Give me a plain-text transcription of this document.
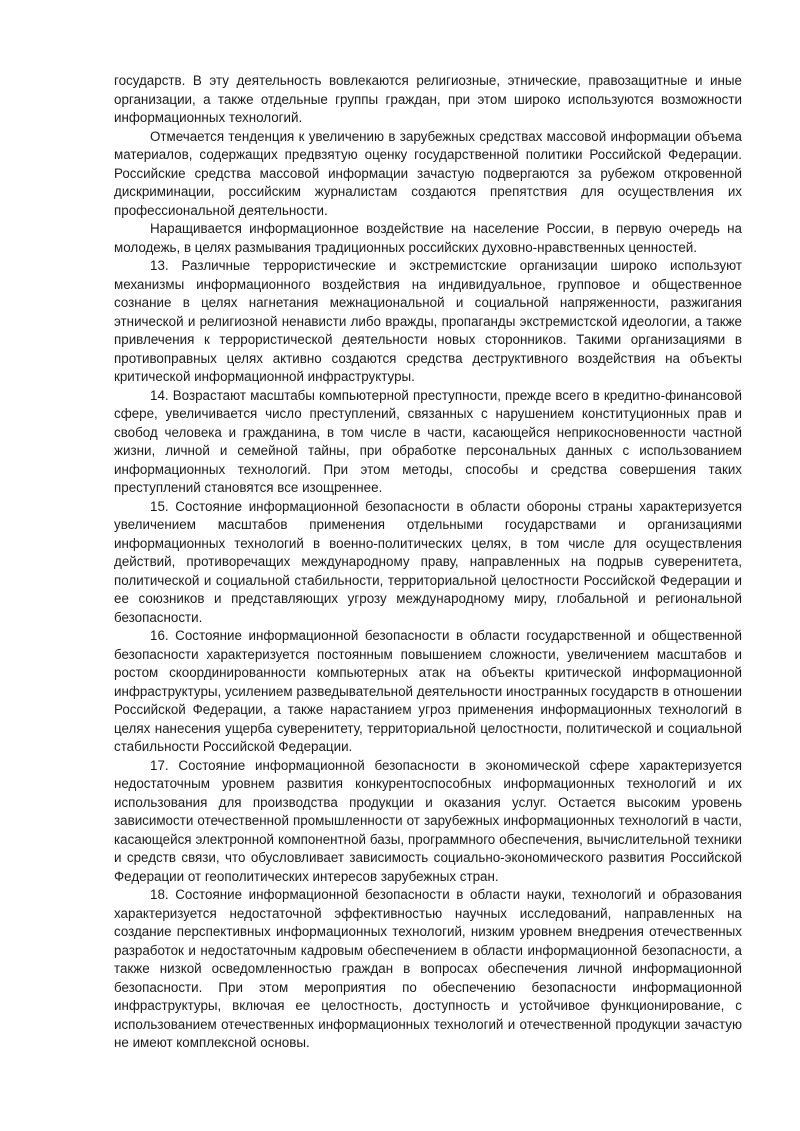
государств. В эту деятельность вовлекаются религиозные, этнические, правозащитные и иные организации, а также отдельные группы граждан, при этом широко используются возможности информационных технологий.

Отмечается тенденция к увеличению в зарубежных средствах массовой информации объема материалов, содержащих предвзятую оценку государственной политики Российской Федерации. Российские средства массовой информации зачастую подвергаются за рубежом откровенной дискриминации, российским журналистам создаются препятствия для осуществления их профессиональной деятельности.

Наращивается информационное воздействие на население России, в первую очередь на молодежь, в целях размывания традиционных российских духовно-нравственных ценностей.

13. Различные террористические и экстремистские организации широко используют механизмы информационного воздействия на индивидуальное, групповое и общественное сознание в целях нагнетания межнациональной и социальной напряженности, разжигания этнической и религиозной ненависти либо вражды, пропаганды экстремистской идеологии, а также привлечения к террористической деятельности новых сторонников. Такими организациями в противоправных целях активно создаются средства деструктивного воздействия на объекты критической информационной инфраструктуры.

14. Возрастают масштабы компьютерной преступности, прежде всего в кредитно-финансовой сфере, увеличивается число преступлений, связанных с нарушением конституционных прав и свобод человека и гражданина, в том числе в части, касающейся неприкосновенности частной жизни, личной и семейной тайны, при обработке персональных данных с использованием информационных технологий. При этом методы, способы и средства совершения таких преступлений становятся все изощреннее.

15. Состояние информационной безопасности в области обороны страны характеризуется увеличением масштабов применения отдельными государствами и организациями информационных технологий в военно-политических целях, в том числе для осуществления действий, противоречащих международному праву, направленных на подрыв суверенитета, политической и социальной стабильности, территориальной целостности Российской Федерации и ее союзников и представляющих угрозу международному миру, глобальной и региональной безопасности.

16. Состояние информационной безопасности в области государственной и общественной безопасности характеризуется постоянным повышением сложности, увеличением масштабов и ростом скоординированности компьютерных атак на объекты критической информационной инфраструктуры, усилением разведывательной деятельности иностранных государств в отношении Российской Федерации, а также нарастанием угроз применения информационных технологий в целях нанесения ущерба суверенитету, территориальной целостности, политической и социальной стабильности Российской Федерации.

17. Состояние информационной безопасности в экономической сфере характеризуется недостаточным уровнем развития конкурентоспособных информационных технологий и их использования для производства продукции и оказания услуг. Остается высоким уровень зависимости отечественной промышленности от зарубежных информационных технологий в части, касающейся электронной компонентной базы, программного обеспечения, вычислительной техники и средств связи, что обусловливает зависимость социально-экономического развития Российской Федерации от геополитических интересов зарубежных стран.

18. Состояние информационной безопасности в области науки, технологий и образования характеризуется недостаточной эффективностью научных исследований, направленных на создание перспективных информационных технологий, низким уровнем внедрения отечественных разработок и недостаточным кадровым обеспечением в области информационной безопасности, а также низкой осведомленностью граждан в вопросах обеспечения личной информационной безопасности. При этом мероприятия по обеспечению безопасности информационной инфраструктуры, включая ее целостность, доступность и устойчивое функционирование, с использованием отечественных информационных технологий и отечественной продукции зачастую не имеют комплексной основы.
